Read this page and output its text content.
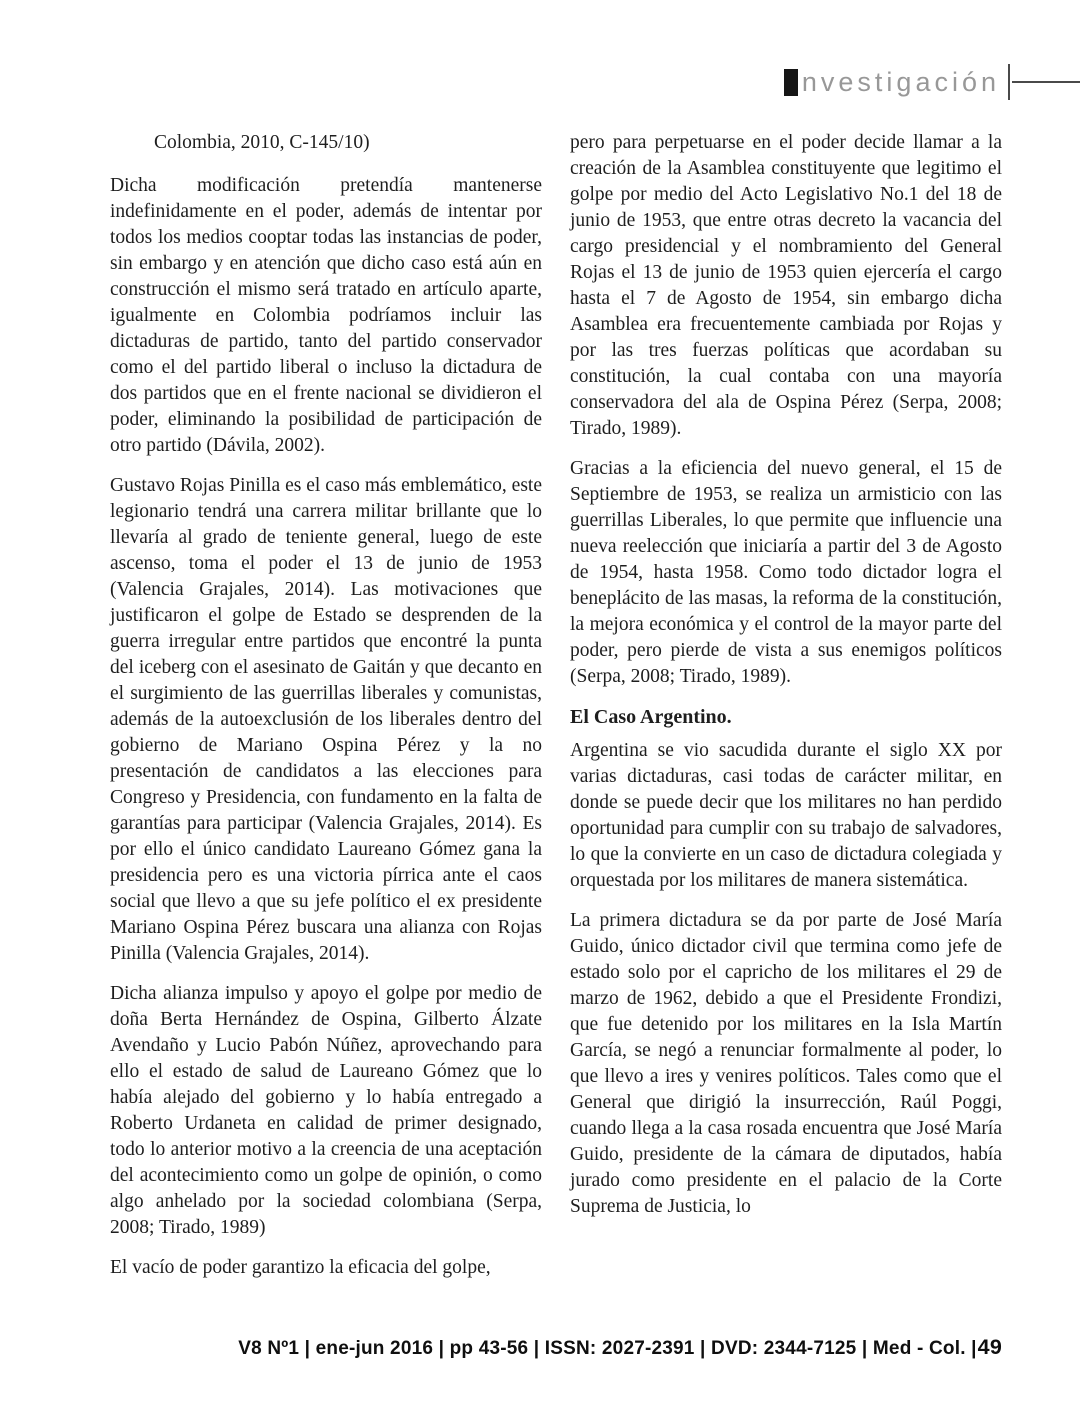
nvestigación

Colombia, 2010, C-145/10)

Dicha modificación pretendía mantenerse indefinidamente en el poder, además de intentar por todos los medios cooptar todas las instancias de poder, sin embargo y en atención que dicho caso está aún en construcción el mismo será tratado en artículo aparte, igualmente en Colombia podríamos incluir las dictaduras de partido, tanto del partido conservador como el del partido liberal o incluso la dictadura de dos partidos que en el frente nacional se dividieron el poder, eliminando la posibilidad de participación de otro partido (Dávila, 2002).

Gustavo Rojas Pinilla es el caso más emblemático, este legionario tendrá una carrera militar brillante que lo llevaría al grado de teniente general, luego de este ascenso, toma el poder el 13 de junio de 1953 (Valencia Grajales, 2014). Las motivaciones que justificaron el golpe de Estado se desprenden de la guerra irregular entre partidos que encontré la punta del iceberg con el asesinato de Gaitán y que decanto en el surgimiento de las guerrillas liberales y comunistas, además de la autoexclusión de los liberales dentro del gobierno de Mariano Ospina Pérez y la no presentación de candidatos a las elecciones para Congreso y Presidencia, con fundamento en la falta de garantías para participar (Valencia Grajales, 2014). Es por ello el único candidato Laureano Gómez gana la presidencia pero es una victoria pírrica ante el caos social que llevo a que su jefe político el ex presidente Mariano Ospina Pérez buscara una alianza con Rojas Pinilla (Valencia Grajales, 2014).

Dicha alianza impulso y apoyo el golpe por medio de doña Berta Hernández de Ospina, Gilberto Álzate Avendaño y Lucio Pabón Núñez, aprovechando para ello el estado de salud de Laureano Gómez que lo había alejado del gobierno y lo había entregado a Roberto Urdaneta en calidad de primer designado, todo lo anterior motivo a la creencia de una aceptación del acontecimiento como un golpe de opinión, o como algo anhelado por la sociedad colombiana (Serpa, 2008; Tirado, 1989)

El vacío de poder garantizo la eficacia del golpe,

pero para perpetuarse en el poder decide llamar a la creación de la Asamblea constituyente que legitimo el golpe por medio del Acto Legislativo No.1 del 18 de junio de 1953, que entre otras decreto la vacancia del cargo presidencial y el nombramiento del General Rojas el 13 de junio de 1953 quien ejercería el cargo hasta el 7 de Agosto de 1954, sin embargo dicha Asamblea era frecuentemente cambiada por Rojas y por las tres fuerzas políticas que acordaban su constitución, la cual contaba con una mayoría conservadora del ala de Ospina Pérez (Serpa, 2008; Tirado, 1989).

Gracias a la eficiencia del nuevo general, el 15 de Septiembre de 1953, se realiza un armisticio con las guerrillas Liberales, lo que permite que influencie una nueva reelección que iniciaría a partir del 3 de Agosto de 1954, hasta 1958. Como todo dictador logra el beneplácito de las masas, la reforma de la constitución, la mejora económica y el control de la mayor parte del poder, pero pierde de vista a sus enemigos políticos (Serpa, 2008; Tirado, 1989).

El Caso Argentino.

Argentina se vio sacudida durante el siglo XX por varias dictaduras, casi todas de carácter militar, en donde se puede decir que los militares no han perdido oportunidad para cumplir con su trabajo de salvadores, lo que la convierte en un caso de dictadura colegiada y orquestada por los militares de manera sistemática.

La primera dictadura se da por parte de José María Guido, único dictador civil que termina como jefe de estado solo por el capricho de los militares el 29 de marzo de 1962, debido a que el Presidente Frondizi, que fue detenido por los militares en la Isla Martín García, se negó a renunciar formalmente al poder, lo que llevo a ires y venires políticos. Tales como que el General que dirigió la insurrección, Raúl Poggi, cuando llega a la casa rosada encuentra que José María Guido, presidente de la cámara de diputados, había jurado como presidente en el palacio de la Corte Suprema de Justicia, lo

V8 Nº1 | ene-jun 2016 | pp 43-56 | ISSN: 2027-2391 | DVD: 2344-7125 | Med - Col. |49
